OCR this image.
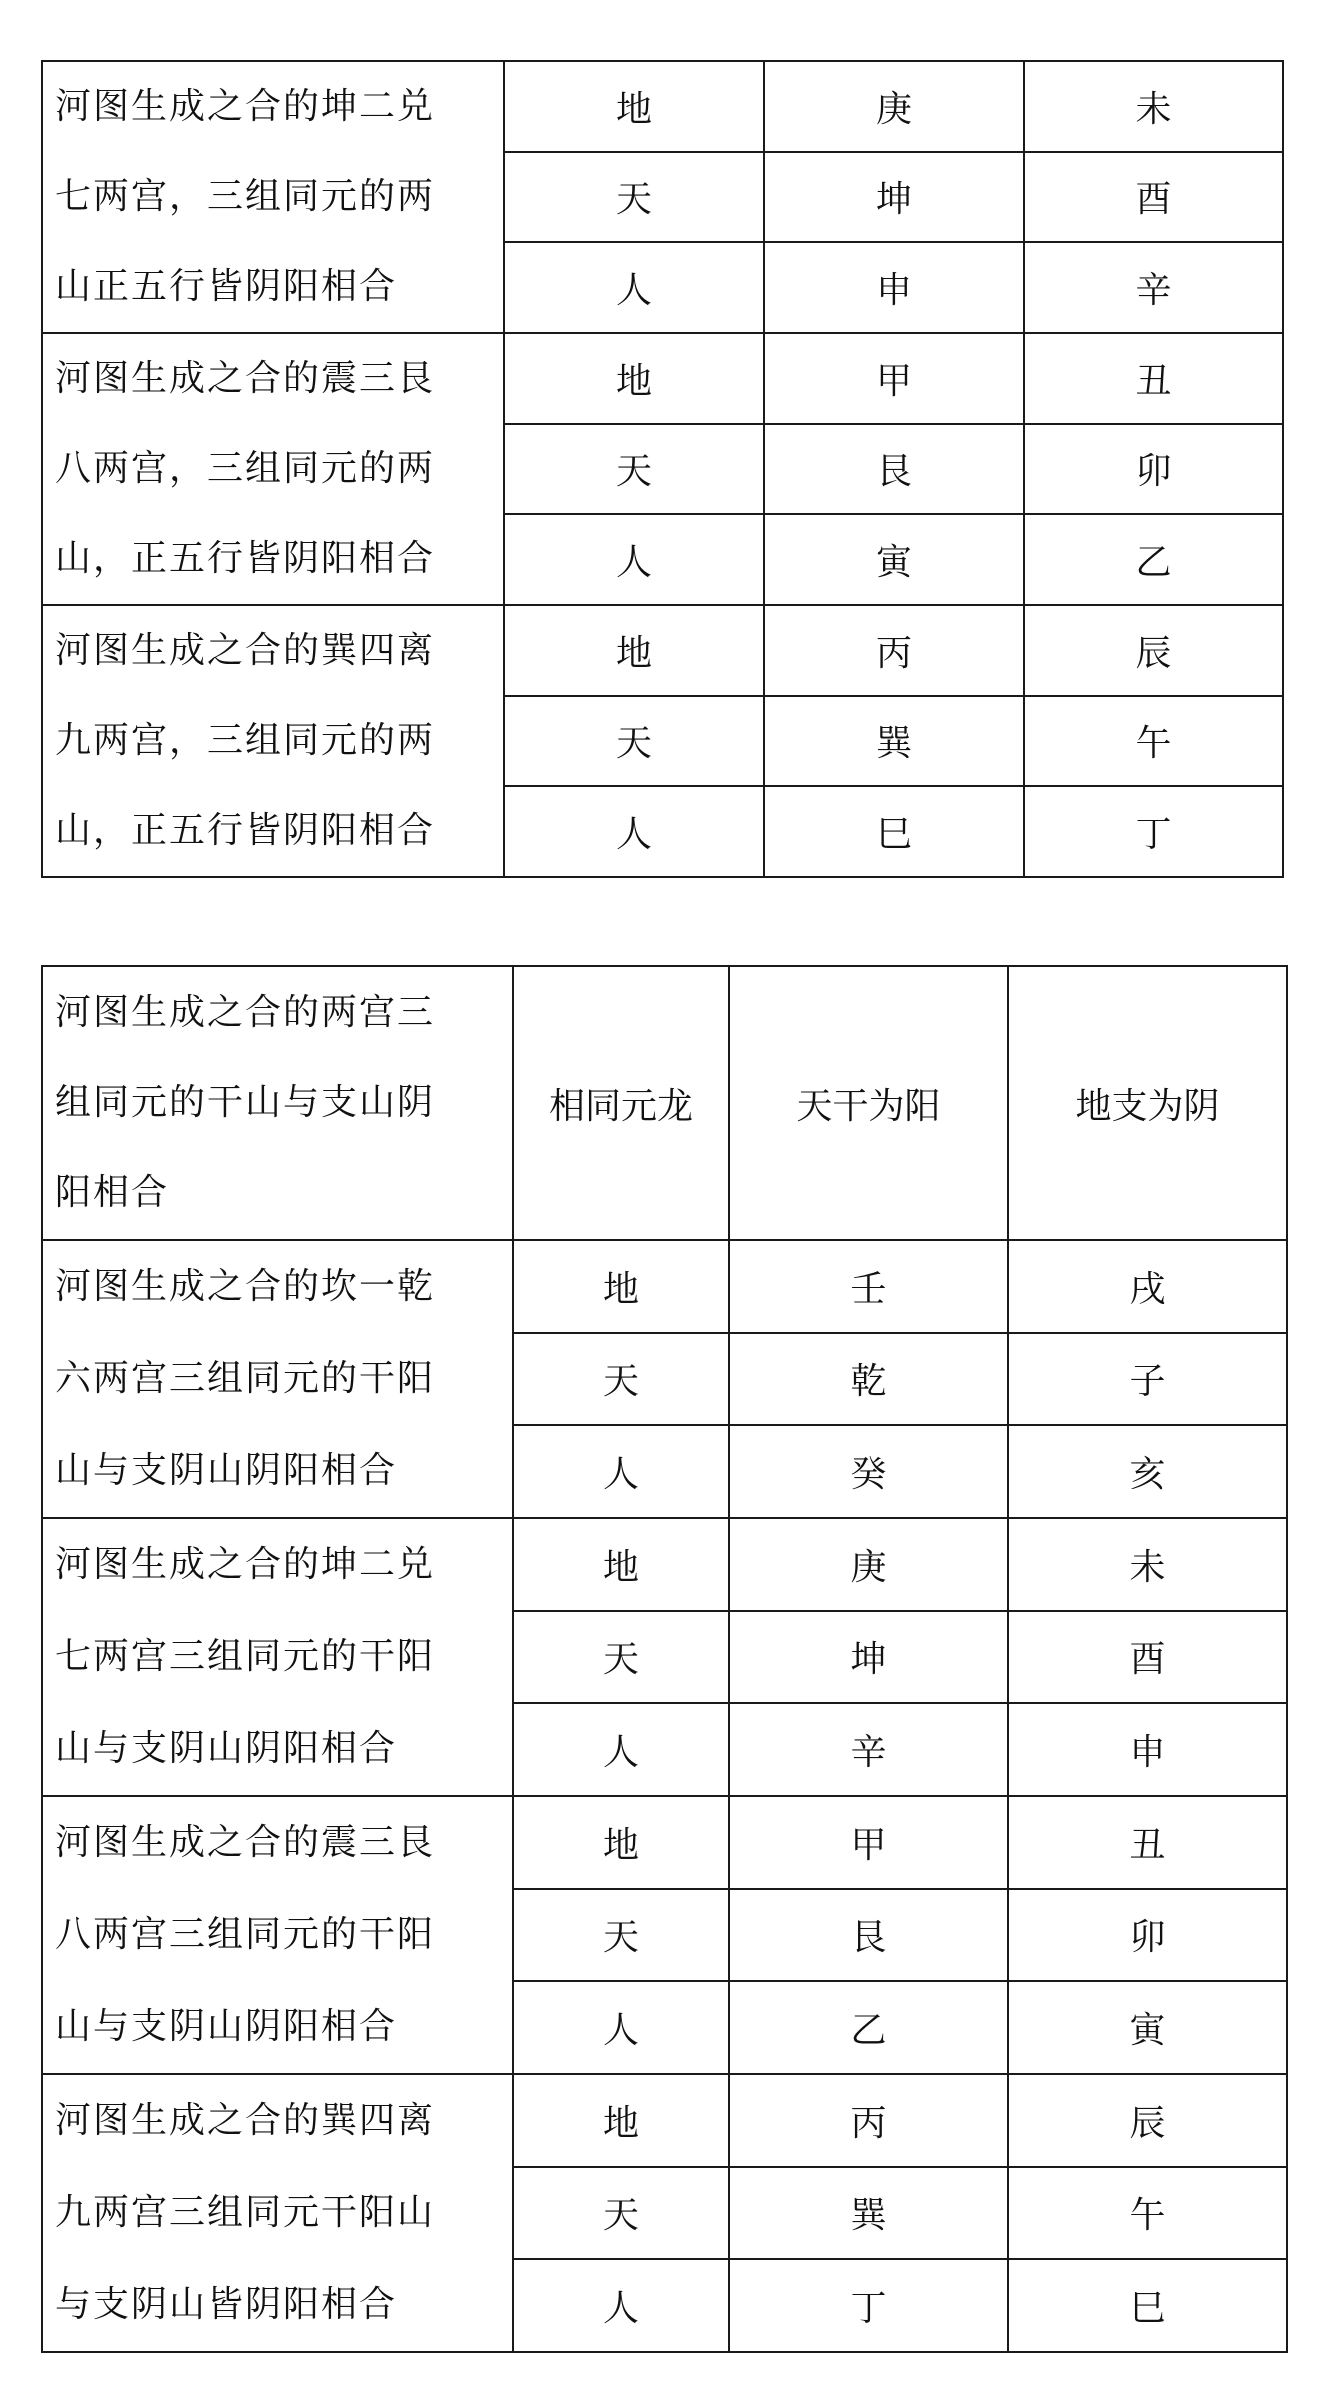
河图生成之合的坤二兑
七两宫，三组同元的两
山正五行皆阴阳相合	地	庚	未
	天	坤	酉
	人	申	辛

河图生成之合的震三艮
八两宫，三组同元的两
山，正五行皆阴阳相合	地	甲	丑
	天	艮	卯
	人	寅	乙

河图生成之合的巽四离
九两宫，三组同元的两
山，正五行皆阴阳相合	地	丙	辰
	天	巽	午
	人	巳	丁
河图生成之合的两宫三
组同元的干山与支山阴
阳相合	相同元龙	天干为阳	地支为阴

河图生成之合的坎一乾
六两宫三组同元的干阳
山与支阴山阴阳相合	地	壬	戌
	天	乾	子
	人	癸	亥

河图生成之合的坤二兑
七两宫三组同元的干阳
山与支阴山阴阳相合	地	庚	未
	天	坤	酉
	人	辛	申

河图生成之合的震三艮
八两宫三组同元的干阳
山与支阴山阴阳相合	地	甲	丑
	天	艮	卯
	人	乙	寅

河图生成之合的巽四离
九两宫三组同元干阳山
与支阴山皆阴阳相合	地	丙	辰
	天	巽	午
	人	丁	巳
